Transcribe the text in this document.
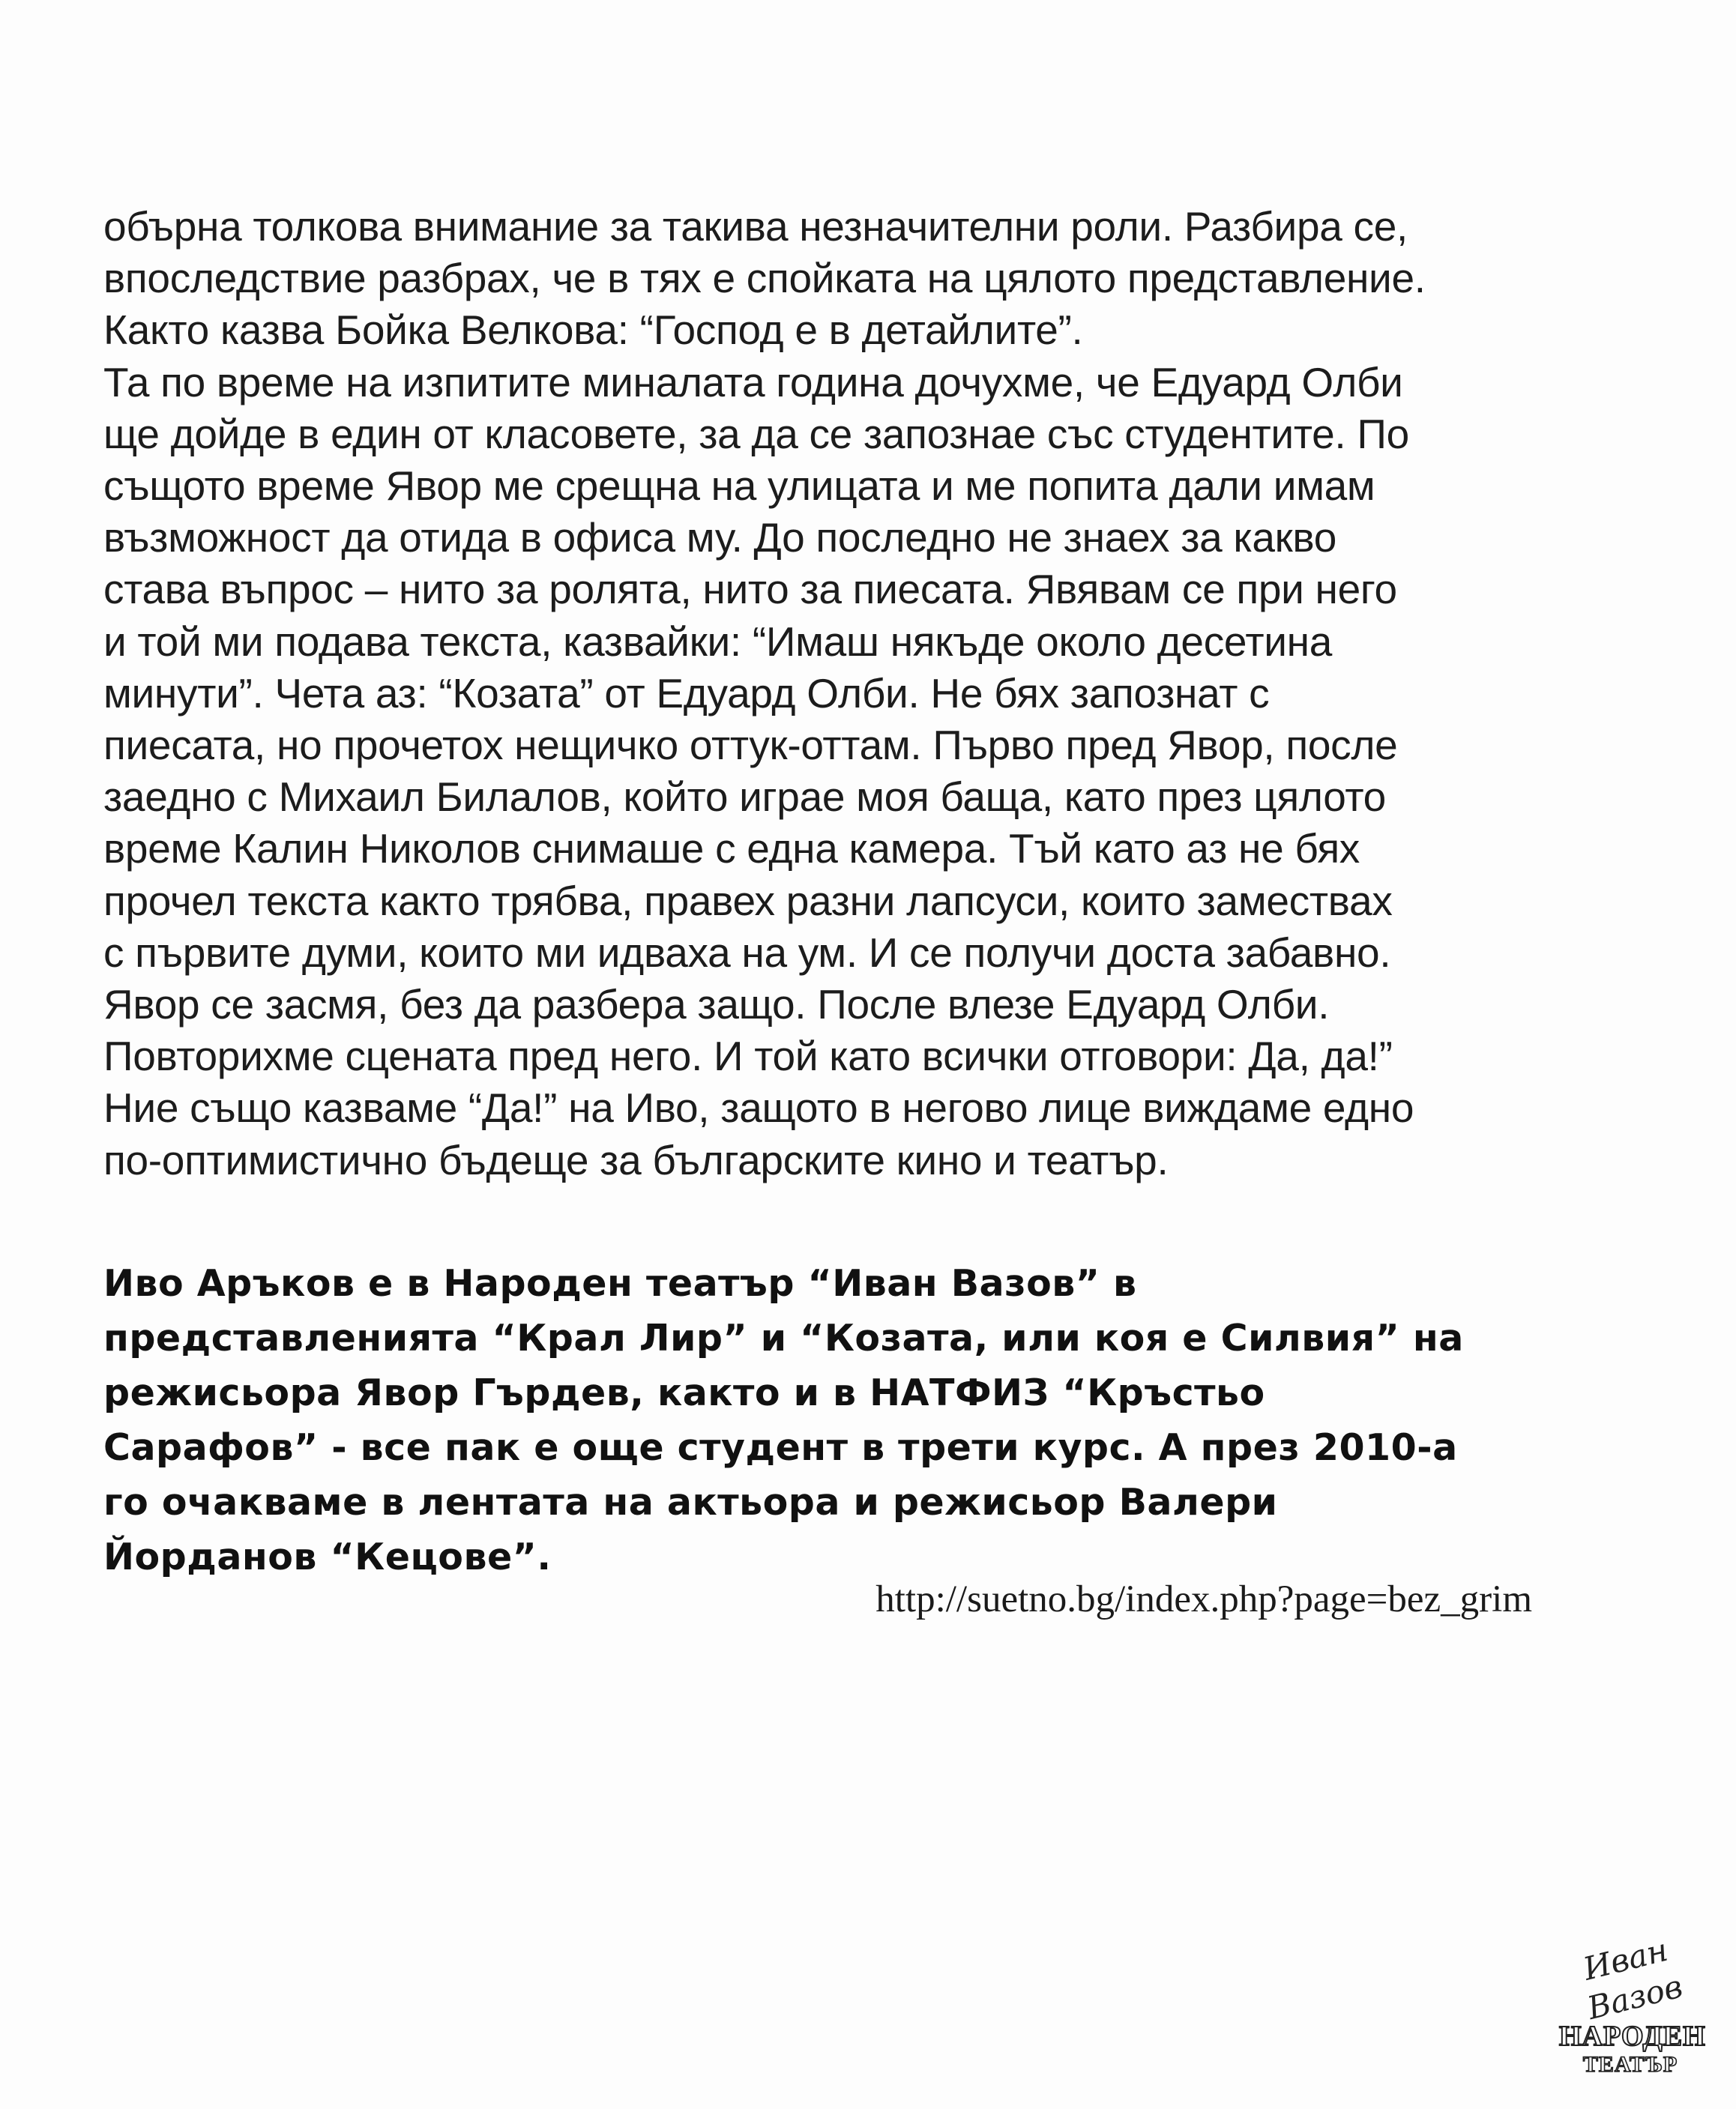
обърна толкова внимание за такива незначителни роли. Разбира се,
впоследствие разбрах, че в тях е спойката на цялото представление.
Както казва Бойка Велкова: “Господ е в детайлите”.
Та по време на изпитите миналата година дочухме, че Едуард Олби
ще дойде в един от класовете, за да се запознае със студентите. По
същото време Явор ме срещна на улицата и ме попита дали имам
възможност да отида в офиса му. До последно не знаех за какво
става въпрос – нито за ролята, нито за пиесата. Явявам се при него
и той ми подава текста, казвайки: “Имаш някъде около десетина
минути”. Чета аз: “Козата” от Едуард Олби. Не бях запознат с
пиесата, но прочетох нещичко оттук-оттам. Първо пред Явор, после
заедно с Михаил Билалов, който играе моя баща, като през цялото
време Калин Николов снимаше с една камера. Тъй като аз не бях
прочел текста както трябва, правех разни лапсуси, които замествах
с първите думи, които ми идваха на ум. И се получи доста забавно.
Явор се засмя, без да разбера защо. После влезе Едуард Олби.
Повторихме сцената пред него. И той като всички отговори: Да, да!”
Ние също казваме “Да!” на Иво, защото в негово лице виждаме едно
по-оптимистично бъдеще за българските кино и театър.
Иво Аръков е в Народен театър “Иван Вазов” в
представленията “Крал Лир” и “Козата, или коя е Силвия” на
режисьора Явор Гърдев, както и в НАТФИЗ “Кръстьо
Сарафов” - все пак е още студент в трети курс. А през 2010-а
го очакваме в лентата на актьора и режисьор Валери
Йорданов “Кецове”.
http://suetno.bg/index.php?page=bez_grim
Иван Вазов
НАРОДЕН
ТЕАТЪР
